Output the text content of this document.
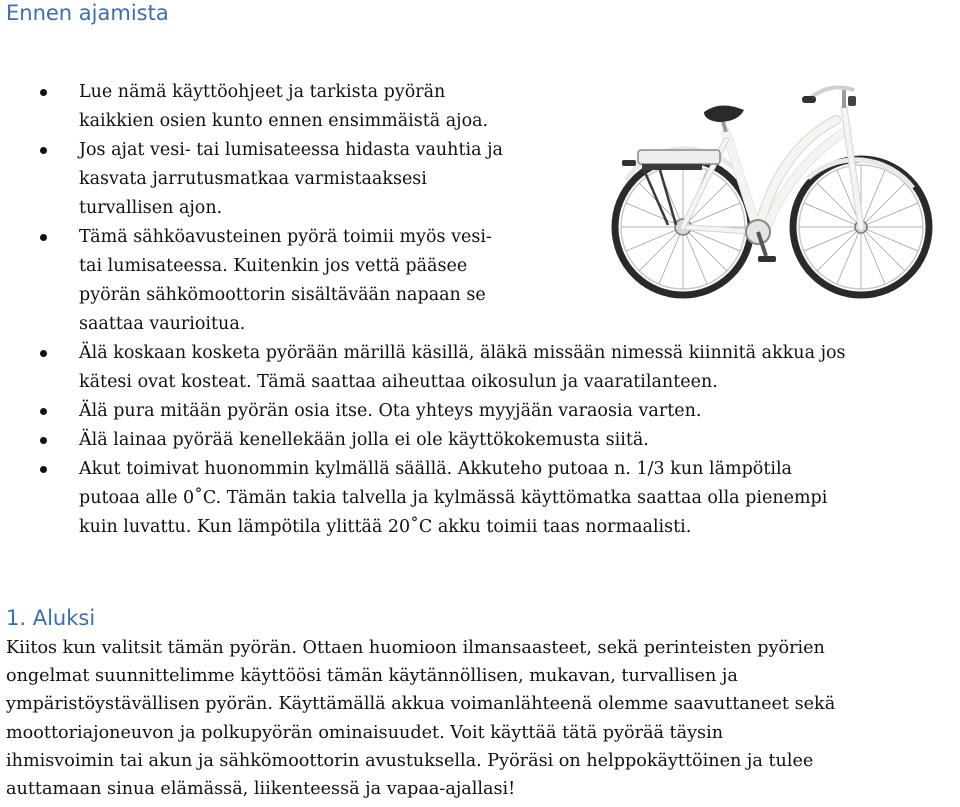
Ennen ajamista
Lue nämä käyttöohjeet ja tarkista pyörän
kaikkien osien kunto ennen ensimmäistä ajoa.
Jos ajat vesi- tai lumisateessa hidasta vauhtia ja
kasvata jarrutusmatkaa varmistaaksesi
turvallisen ajon.
Tämä sähköavusteinen pyörä toimii myös vesi-
tai lumisateessa. Kuitenkin jos vettä pääsee
pyörän sähkömoottorin sisältävään napaan se
saattaa vaurioitua.
Älä koskaan kosketa pyörään märillä käsillä, äläkä missään nimessä kiinnitä akkua jos
kätesi ovat kosteat. Tämä saattaa aiheuttaa oikosulun ja vaaratilanteen.
Älä pura mitään pyörän osia itse. Ota yhteys myyjään varaosia varten.
Älä lainaa pyörää kenellekään jolla ei ole käyttökokemusta siitä.
Akut toimivat huonommin kylmällä säällä. Akkuteho putoaa n. 1/3 kun lämpötila
putoaa alle 0˚C. Tämän takia talvella ja kylmässä käyttömatka saattaa olla pienempi
kuin luvattu. Kun lämpötila ylittää 20˚C akku toimii taas normaalisti.
1. Aluksi
Kiitos kun valitsit tämän pyörän. Ottaen huomioon ilmansaasteet, sekä perinteisten pyörien
ongelmat suunnittelimme käyttöösi tämän käytännöllisen, mukavan, turvallisen ja
ympäristöystävällisen pyörän. Käyttämällä akkua voimanlähteenä olemme saavuttaneet sekä
moottoriajoneuvon ja polkupyörän ominaisuudet. Voit käyttää tätä pyörää täysin
ihmisvoimin tai akun ja sähkömoottorin avustuksella. Pyöräsi on helppokäyttöinen ja tulee
auttamaan sinua elämässä, liikenteessä ja vapaa-ajallasi!
